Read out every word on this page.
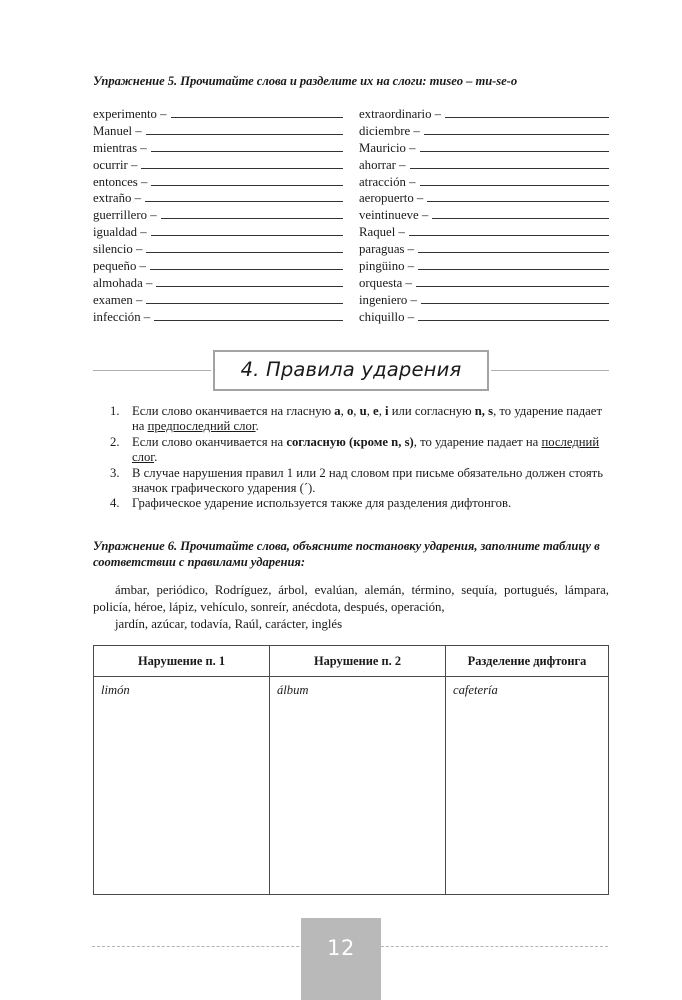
Упражнение 5. Прочитайте слова и разделите их на слоги: museo – mu-se-o
experimento –
Manuel –
mientras –
ocurrir –
entonces –
extraño –
guerrillero –
igualdad –
silencio –
pequeño –
almohada –
examen –
infección –
extraordinario –
diciembre –
Mauricio –
ahorrar –
atracción –
aeropuerto –
veintinueve –
Raquel –
paraguas –
pingüino –
orquesta –
ingeniero –
chiquillo –
4. Правила ударения
1. Если слово оканчивается на гласную a, o, u, e, i или согласную n, s, то ударение падает на предпоследний слог.
2. Если слово оканчивается на согласную (кроме n, s), то ударение падает на последний слог.
3. В случае нарушения правил 1 или 2 над словом при письме обязательно должен стоять значок графического ударения (´).
4. Графическое ударение используется также для разделения дифтонгов.
Упражнение 6. Прочитайте слова, объясните постановку ударения, заполните таблицу в соответствии с правилами ударения:
ámbar, periódico, Rodríguez, árbol, evalúan, alemán, término, sequía, portugués, lámpara, policía, héroe, lápiz, vehículo, sonreír, anécdota, después, operación,
jardín, azúcar, todavía, Raúl, carácter, inglés
Нарушение п. 1	Нарушение п. 2	Разделение дифтонга
limón	álbum	cafetería
12
